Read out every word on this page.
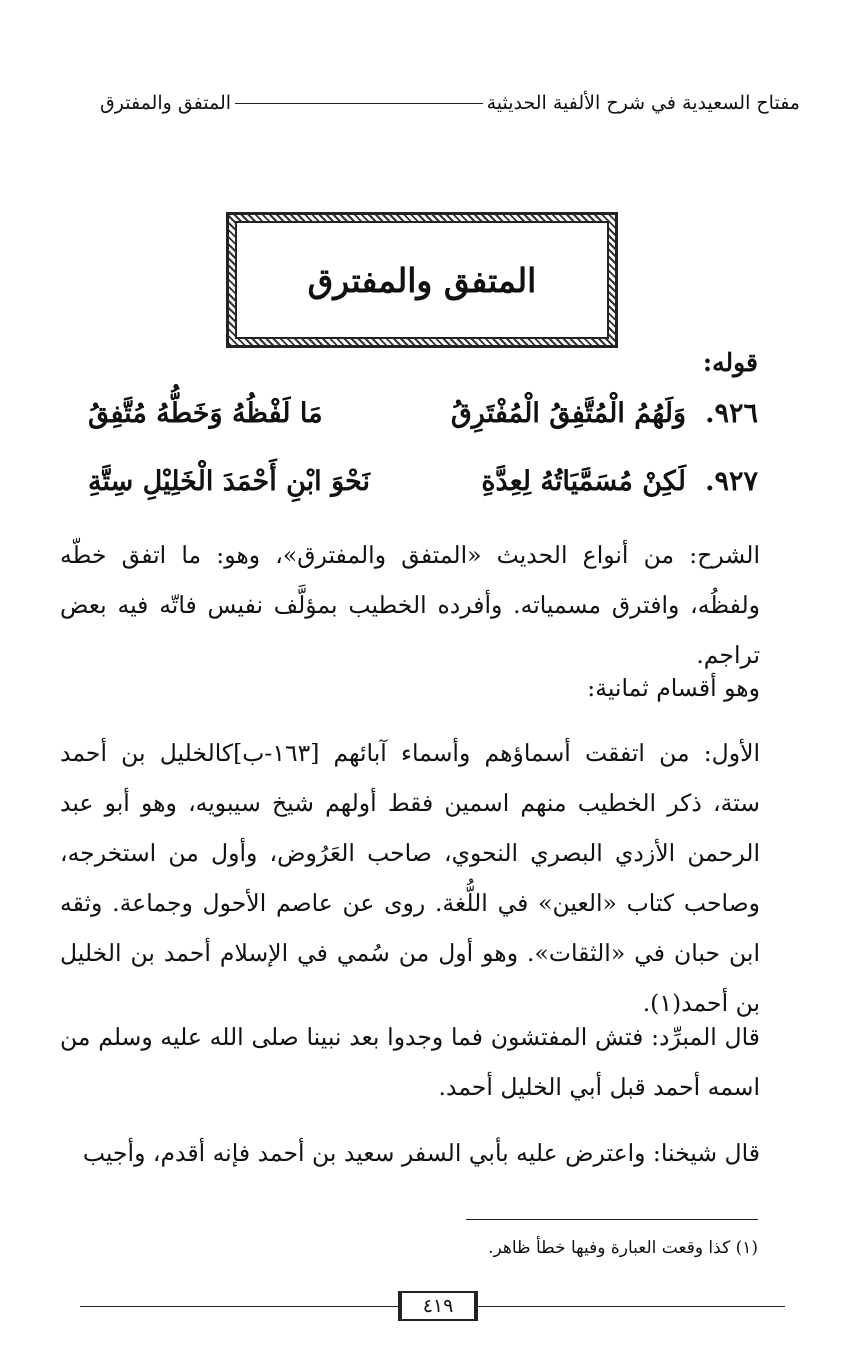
مفتاح السعيدية في شرح الألفية الحديثية
المتفق والمفترق
المتفق والمفترق
قوله:
٩٢٦.
وَلَهُمُ الْمُتَّفِقُ الْمُفْتَرِقُ
مَا لَفْظُهُ وَخَطُّهُ مُتَّفِقُ
٩٢٧.
لَكِنْ مُسَمَّيَاتُهُ لِعِدَّةِ
نَحْوَ ابْنِ أَحْمَدَ الْخَلِيْلِ سِتَّةِ

الشرح: من أنواع الحديث «المتفق والمفترق»، وهو: ما اتفق خطّه ولفظُه، وافترق مسمياته. وأفرده الخطيب بمؤلَّف نفيس فاتّه فيه بعض تراجم.

وهو أقسام ثمانية:

الأول: من اتفقت أسماؤهم وأسماء آبائهم [١٦٣-ب]كالخليل بن أحمد ستة، ذكر الخطيب منهم اسمين فقط أولهم شيخ سيبويه، وهو أبو عبد الرحمن الأزدي البصري النحوي، صاحب العَرُوض، وأول من استخرجه، وصاحب كتاب «العين» في اللُّغة. روى عن عاصم الأحول وجماعة. وثقه ابن حبان في «الثقات». وهو أول من سُمي في الإسلام أحمد بن الخليل بن أحمد(١).

قال المبرِّد: فتش المفتشون فما وجدوا بعد نبينا صلى الله عليه وسلم من اسمه أحمد قبل أبي الخليل أحمد.

قال شيخنا: واعترض عليه بأبي السفر سعيد بن أحمد فإنه أقدم، وأجيب

(١) كذا وقعت العبارة وفيها خطأ ظاهر.
٤١٩
